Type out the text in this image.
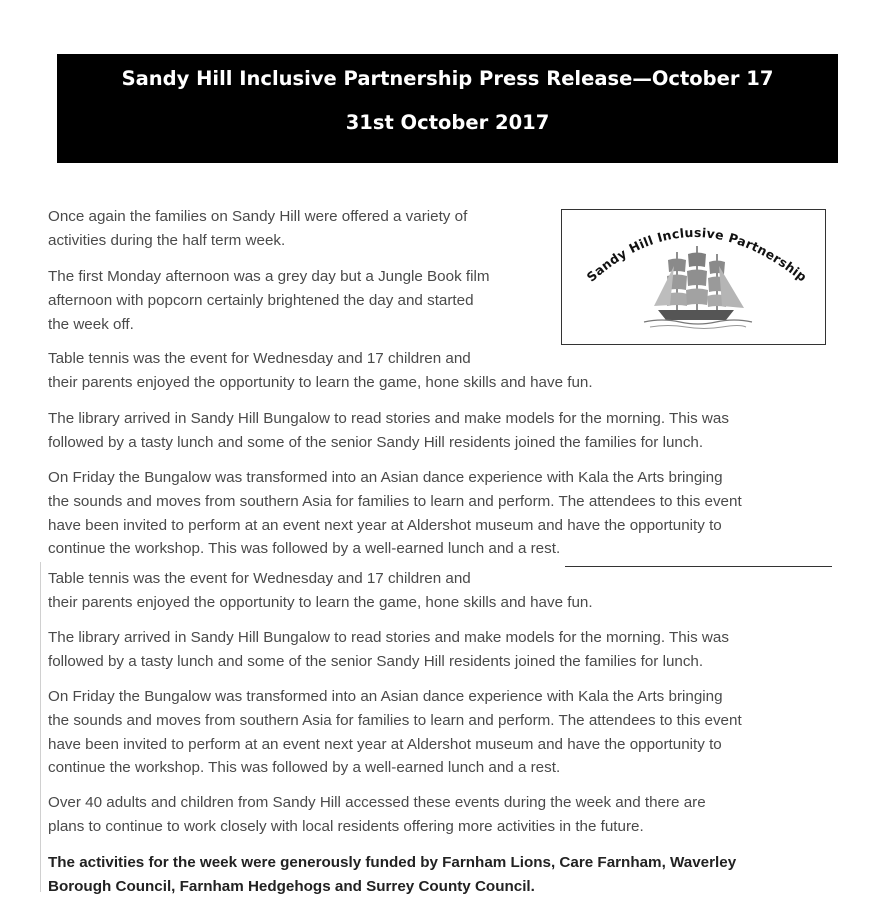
Sandy Hill Inclusive Partnership Press Release—October 17
31st October 2017
Sandy Hill Inclusive Partnership

Once again the families on Sandy Hill were offered a variety of
activities during the half term week.

The first Monday afternoon was a grey day but a Jungle Book film
afternoon with popcorn certainly brightened the day and started
the week off.

Table tennis was the event for Wednesday and 17 children and
their parents enjoyed the opportunity to learn the game, hone skills and have fun.

The library arrived in Sandy Hill Bungalow to read stories and make models for the morning. This was
followed by a tasty lunch and some of the senior Sandy Hill residents joined the families for lunch.

On Friday the Bungalow was transformed into an Asian dance experience with Kala the Arts bringing
the sounds and moves from southern Asia for families to learn and perform. The attendees to this event
have been invited to perform at an event next year at Aldershot museum and have the opportunity to
continue the workshop. This was followed by a well-earned lunch and a rest.

Table tennis was the event for Wednesday and 17 children and
their parents enjoyed the opportunity to learn the game, hone skills and have fun.

The library arrived in Sandy Hill Bungalow to read stories and make models for the morning. This was
followed by a tasty lunch and some of the senior Sandy Hill residents joined the families for lunch.

On Friday the Bungalow was transformed into an Asian dance experience with Kala the Arts bringing
the sounds and moves from southern Asia for families to learn and perform. The attendees to this event
have been invited to perform at an event next year at Aldershot museum and have the opportunity to
continue the workshop. This was followed by a well-earned lunch and a rest.

Over 40 adults and children from Sandy Hill accessed these events during the week and there are
plans to continue to work closely with local residents offering more activities in the future.

The activities for the week were generously funded by Farnham Lions, Care Farnham, Waverley
Borough Council, Farnham Hedgehogs and Surrey County Council.
